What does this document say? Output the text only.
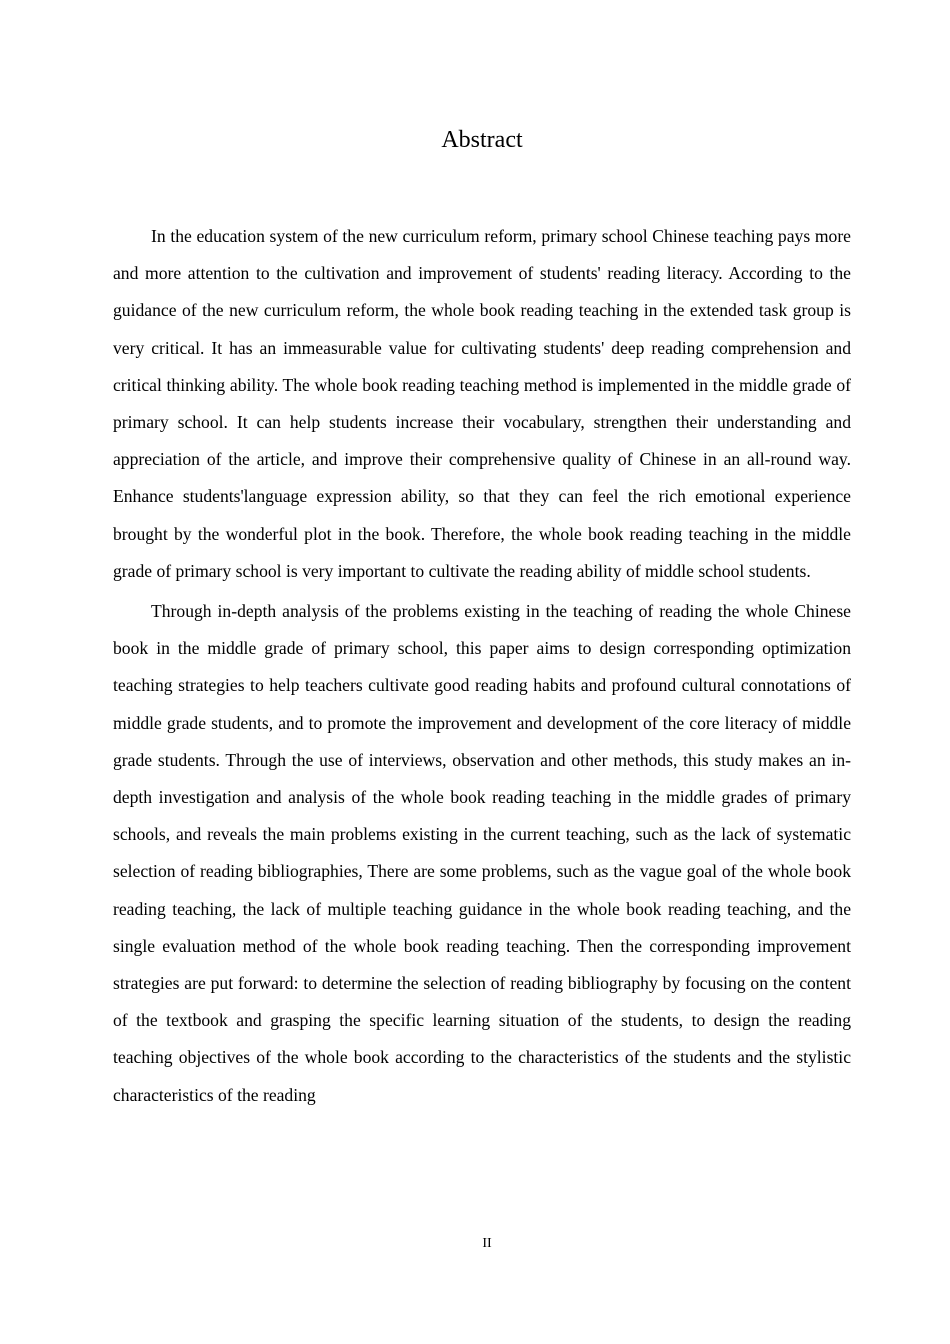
Abstract

In the education system of the new curriculum reform, primary school Chinese teaching pays more and more attention to the cultivation and improvement of students' reading literacy. According to the guidance of the new curriculum reform, the whole book reading teaching in the extended task group is very critical. It has an immeasurable value for cultivating students' deep reading comprehension and critical thinking ability. The whole book reading teaching method is implemented in the middle grade of primary school. It can help students increase their vocabulary, strengthen their understanding and appreciation of the article, and improve their comprehensive quality of Chinese in an all-round way. Enhance students'language expression ability, so that they can feel the rich emotional experience brought by the wonderful plot in the book. Therefore, the whole book reading teaching in the middle grade of primary school is very important to cultivate the reading ability of middle school students.

Through in-depth analysis of the problems existing in the teaching of reading the whole Chinese book in the middle grade of primary school, this paper aims to design corresponding optimization teaching strategies to help teachers cultivate good reading habits and profound cultural connotations of middle grade students, and to promote the improvement and development of the core literacy of middle grade students. Through the use of interviews, observation and other methods, this study makes an in-depth investigation and analysis of the whole book reading teaching in the middle grades of primary schools, and reveals the main problems existing in the current teaching, such as the lack of systematic selection of reading bibliographies, There are some problems, such as the vague goal of the whole book reading teaching, the lack of multiple teaching guidance in the whole book reading teaching, and the single evaluation method of the whole book reading teaching. Then the corresponding improvement strategies are put forward: to determine the selection of reading bibliography by focusing on the content of the textbook and grasping the specific learning situation of the students, to design the reading teaching objectives of the whole book according to the characteristics of the students and the stylistic characteristics of the reading

II
